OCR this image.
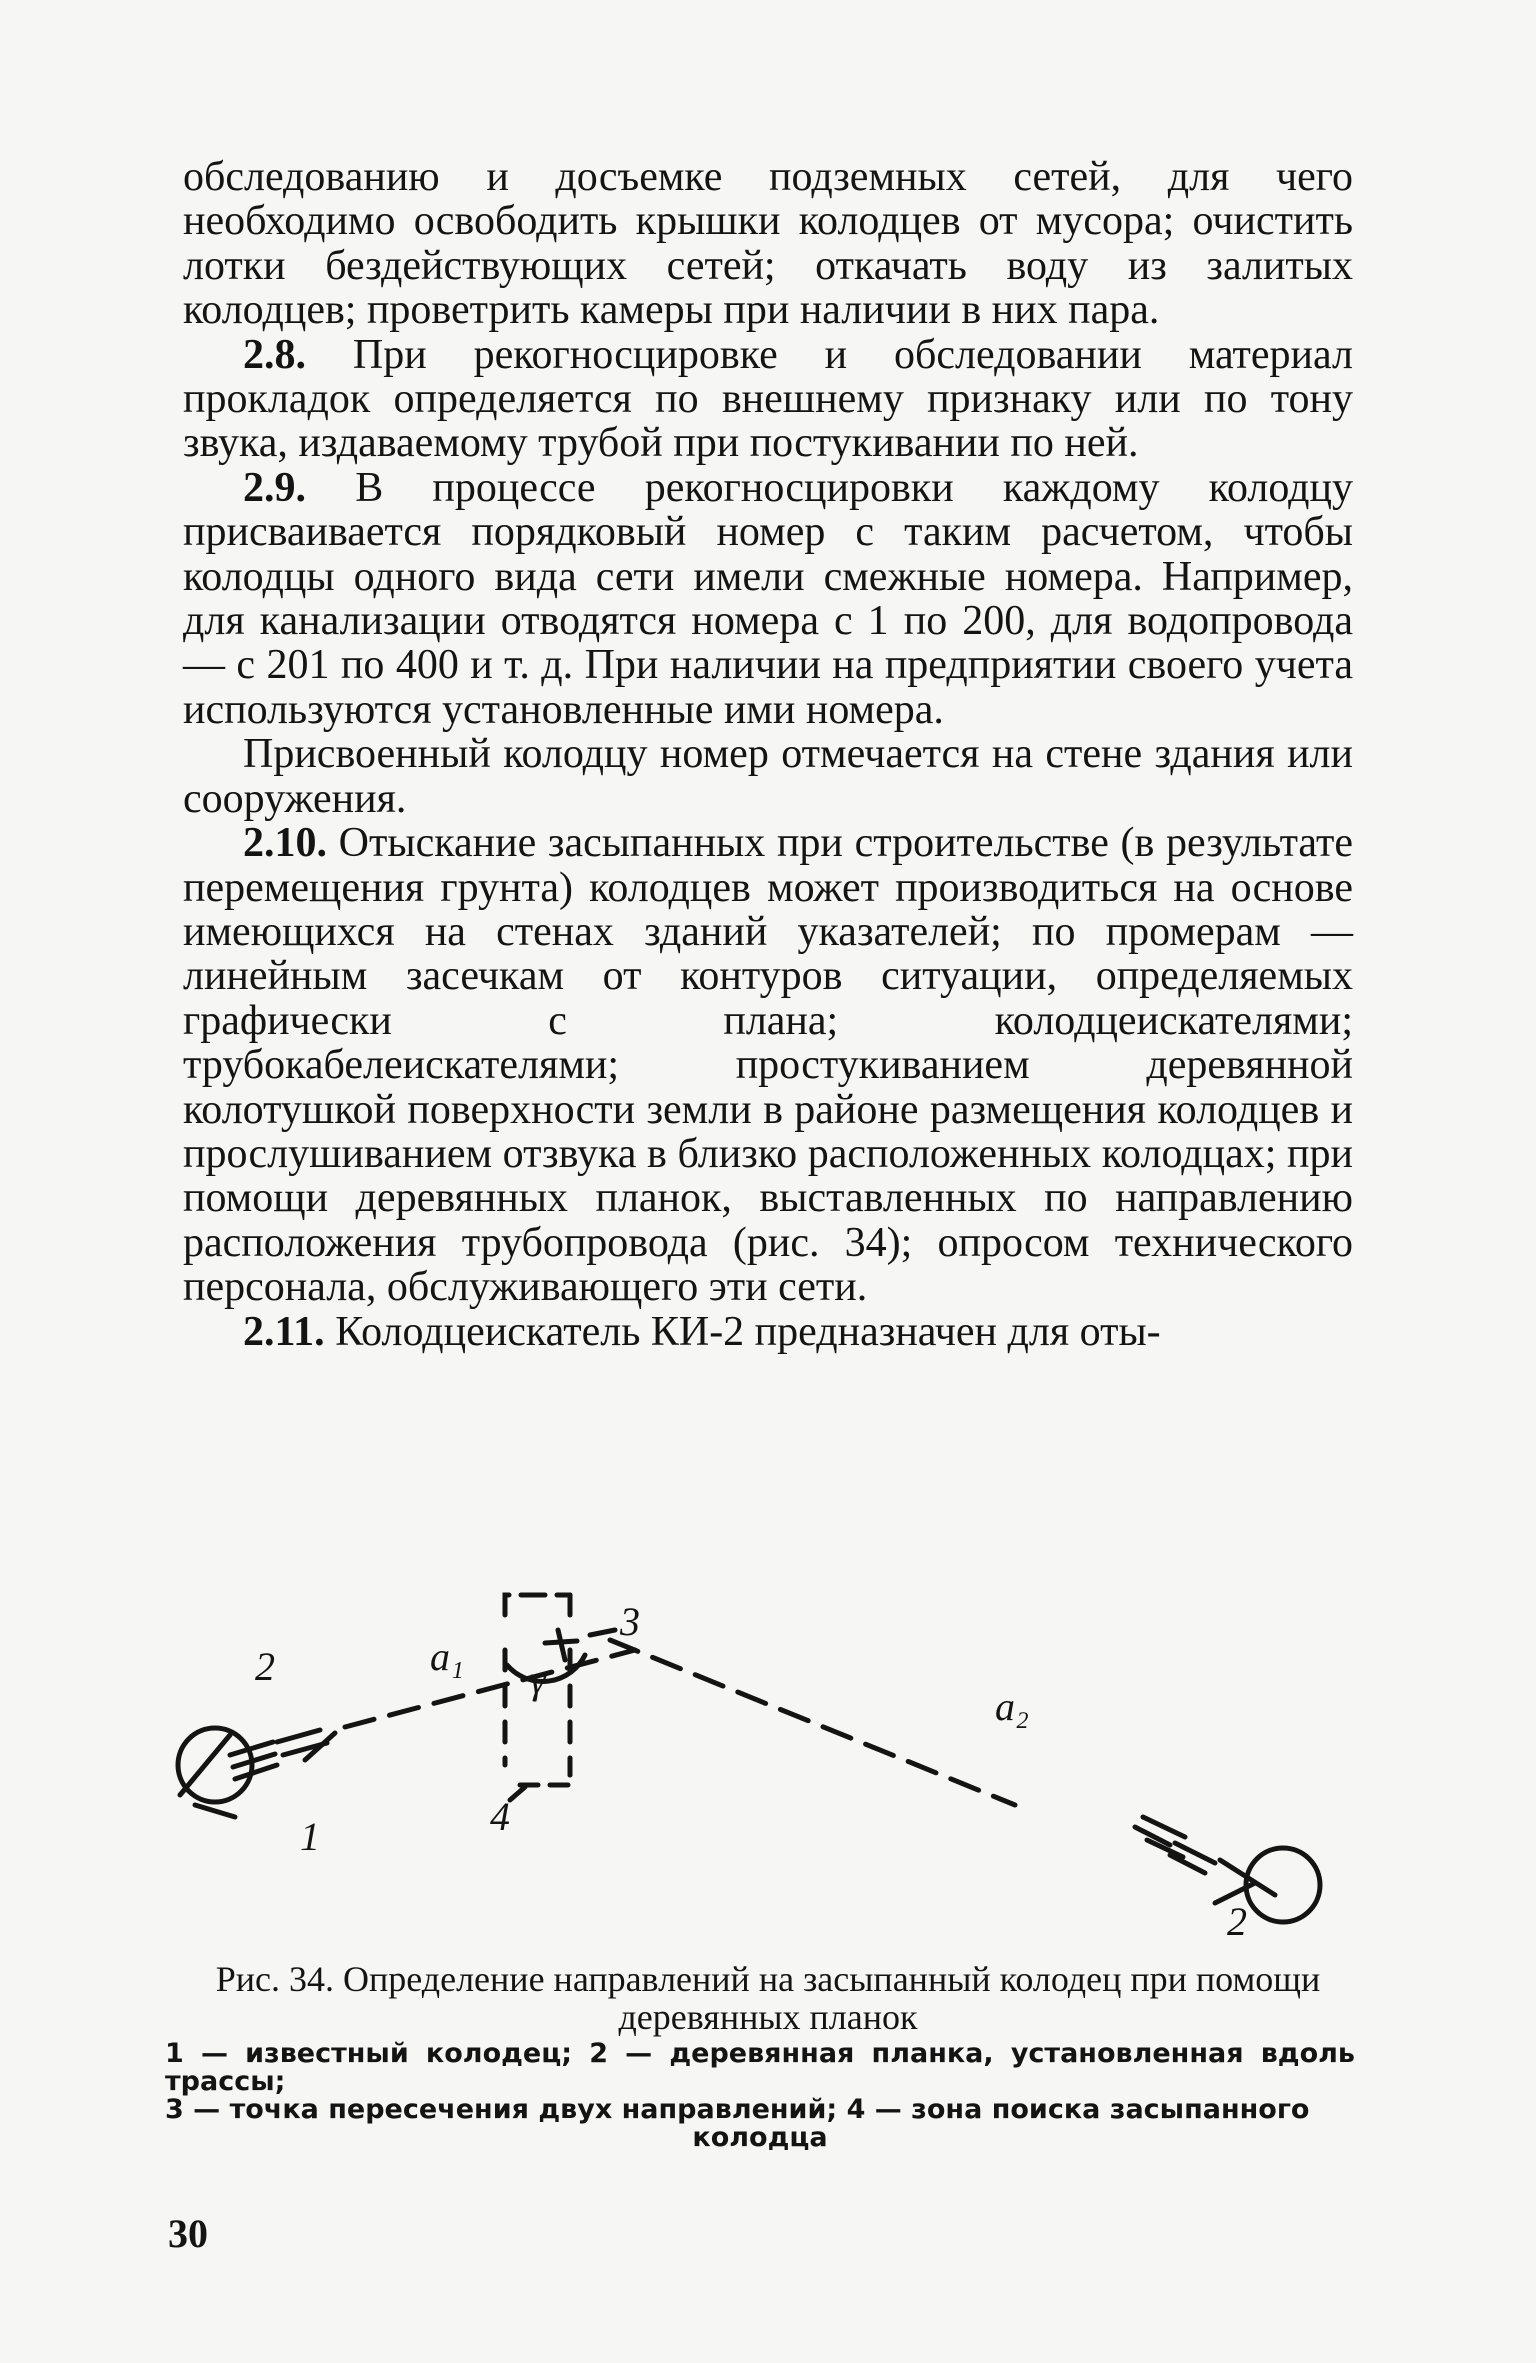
обследованию и досъемке подземных сетей, для чего необходимо освободить крышки колодцев от мусора; очистить лотки бездействующих сетей; откачать воду из залитых колодцев; проветрить камеры при наличии в них пара.

2.8. При рекогносцировке и обследовании материал прокладок определяется по внешнему признаку или по тону звука, издаваемому трубой при постукивании по ней.

2.9. В процессе рекогносцировки каждому колодцу присваивается порядковый номер с таким расчетом, чтобы колодцы одного вида сети имели смежные номера. Например, для канализации отводятся номера с 1 по 200, для водопровода — с 201 по 400 и т. д. При наличии на предприятии своего учета используются установленные ими номера.

Присвоенный колодцу номер отмечается на стене здания или сооружения.

2.10. Отыскание засыпанных при строительстве (в результате перемещения грунта) колодцев может производиться на основе имеющихся на стенах зданий указателей; по промерам — линейным засечкам от контуров ситуации, определяемых графически с плана; колодцеискателями; трубокабелеискателями; простукиванием деревянной колотушкой поверхности земли в районе размещения колодцев и прослушиванием отзвука в близко расположенных колодцах; при помощи деревянных планок, выставленных по направлению расположения трубопровода (рис. 34); опросом технического персонала, обслуживающего эти сети.

2.11. Колодцеискатель КИ-2 предназначен для оты-

2
1
a₁
γ
3
4
a₂
2
Рис. 34. Определение направлений на засыпанный колодец при помощи деревянных планок
1 — известный колодец; 2 — деревянная планка, установленная вдоль трассы;
3 — точка пересечения двух направлений; 4 — зона поиска засыпанного
колодца
30
